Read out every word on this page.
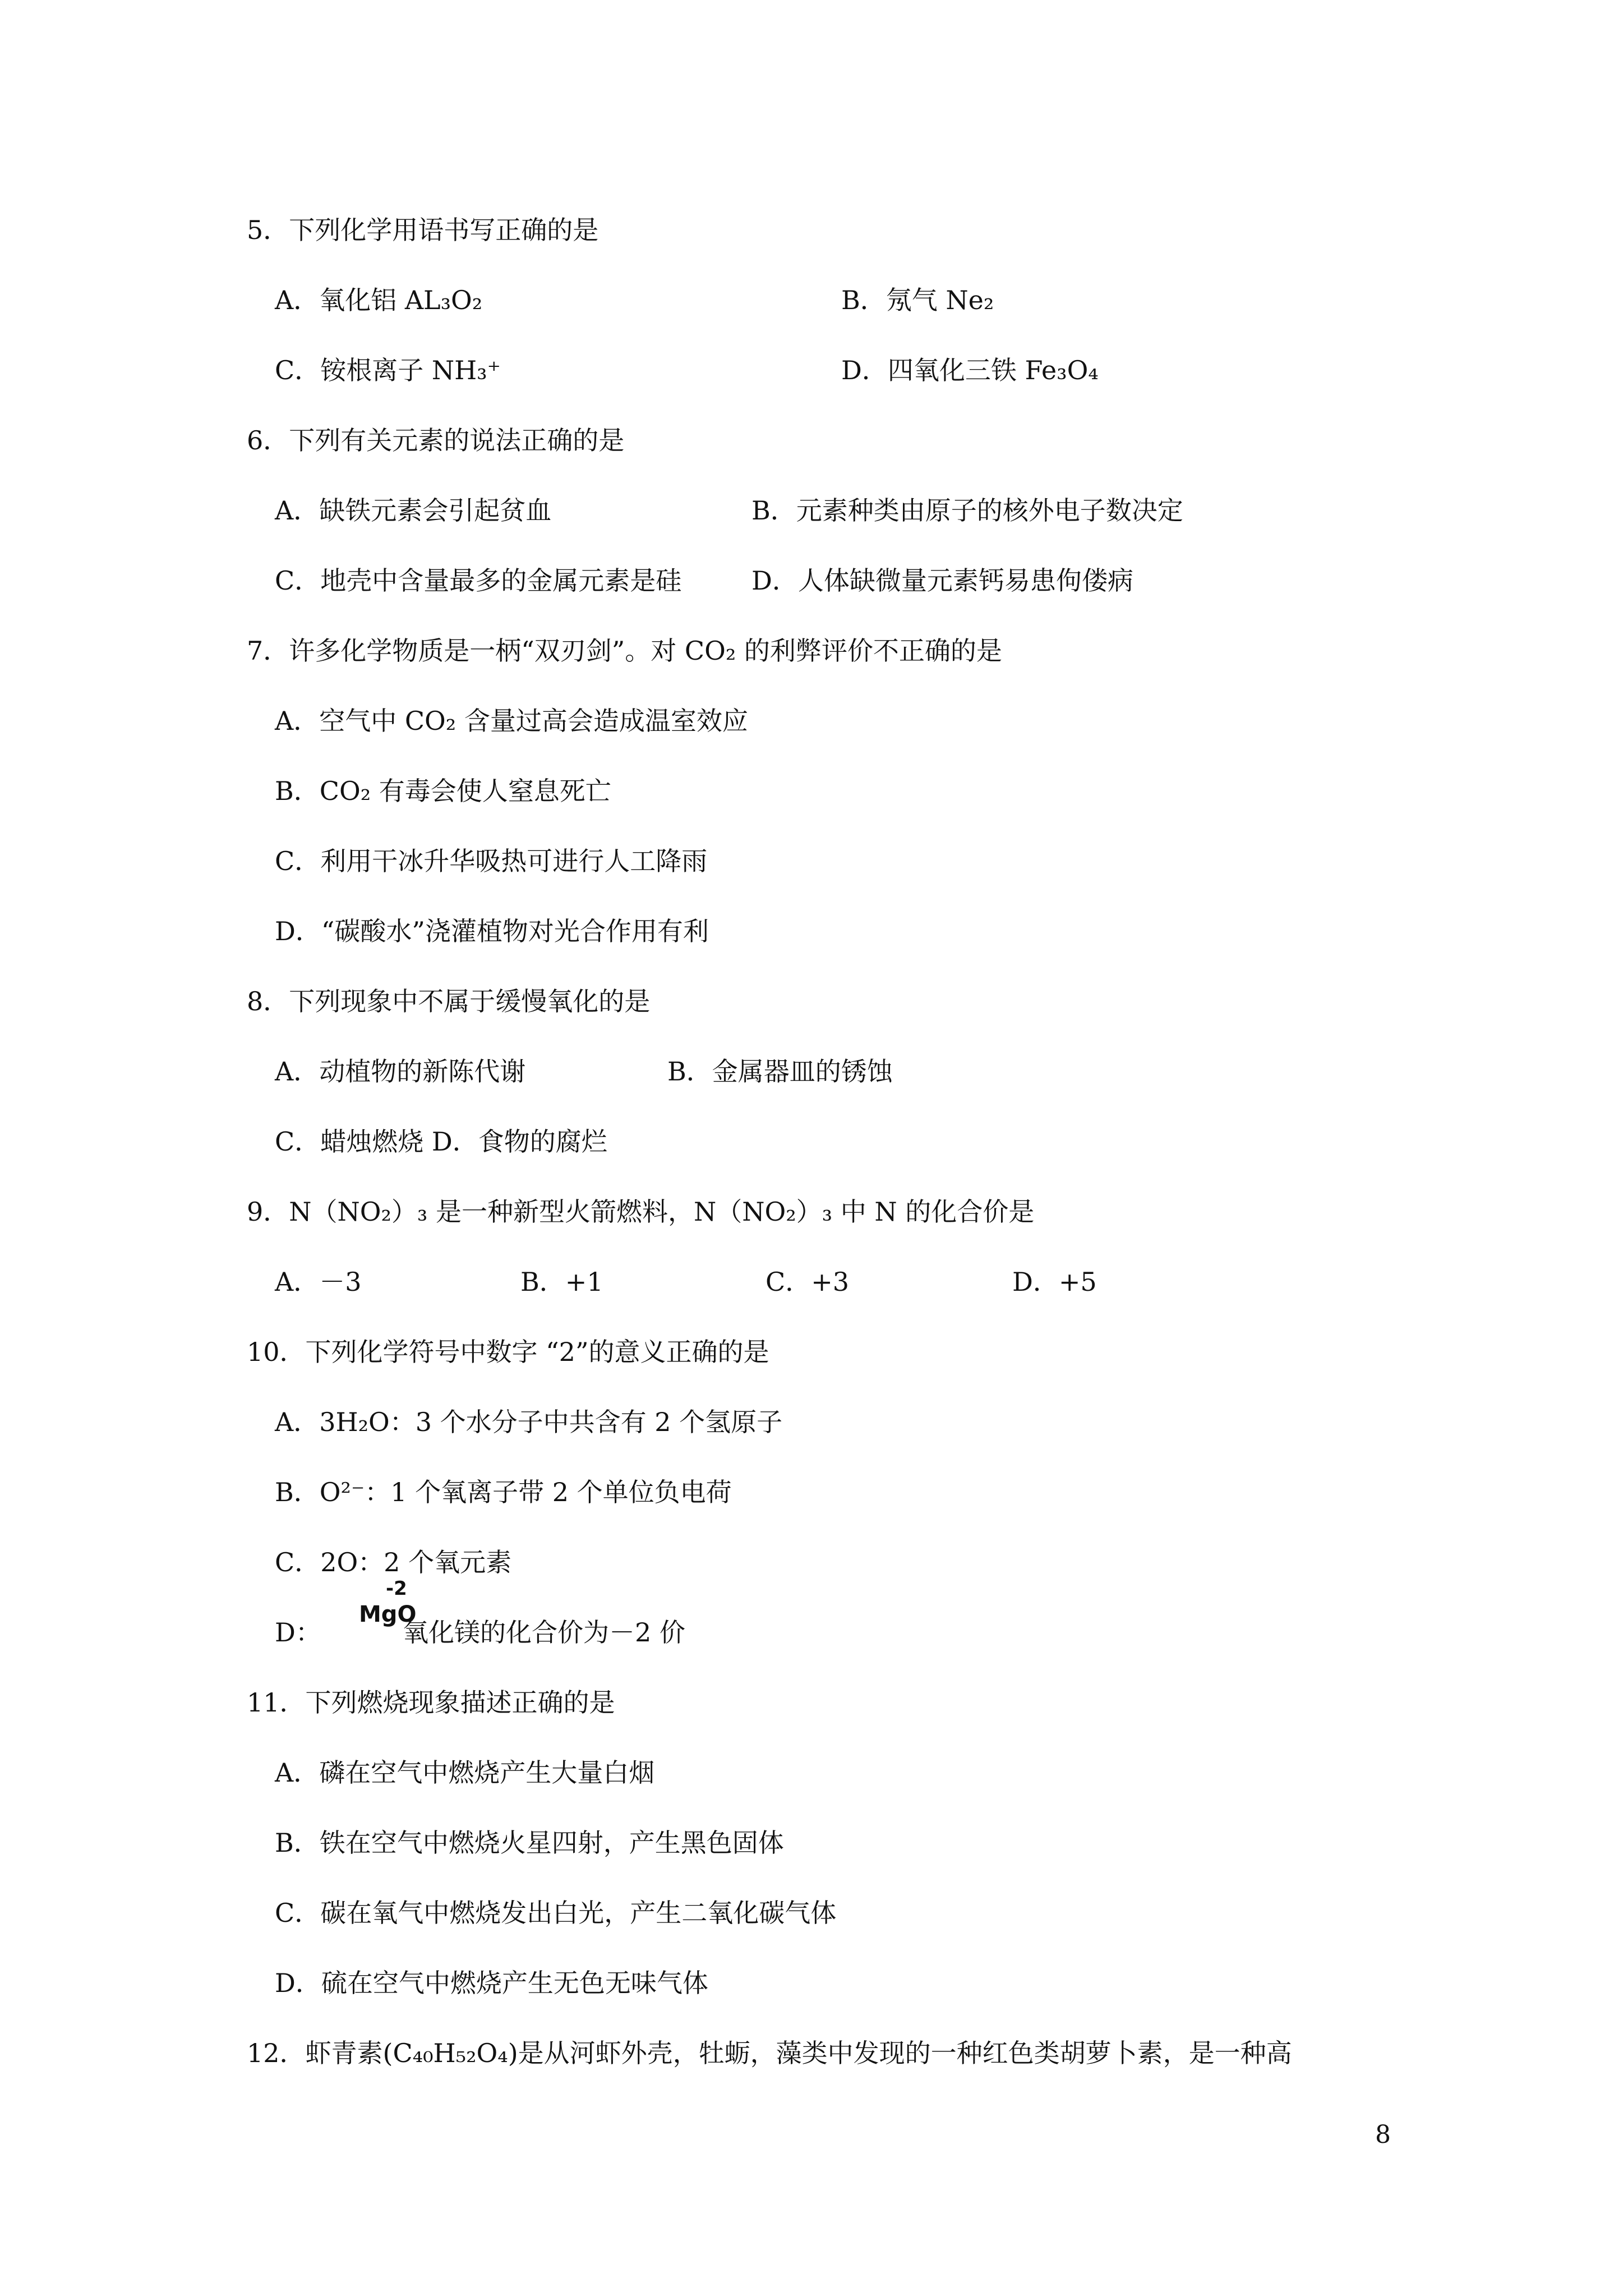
5．下列化学用语书写正确的是
A．氧化铝 AL₃O₂	B．氖气 Ne₂
C．铵根离子 NH₃⁺	D．四氧化三铁 Fe₃O₄
6．下列有关元素的说法正确的是
A．缺铁元素会引起贫血	B．元素种类由原子的核外电子数决定
C．地壳中含量最多的金属元素是硅	D．人体缺微量元素钙易患佝偻病
7．许多化学物质是一柄“双刃剑”。对 CO₂ 的利弊评价不正确的是
A．空气中 CO₂ 含量过高会造成温室效应
B．CO₂ 有毒会使人窒息死亡
C．利用干冰升华吸热可进行人工降雨
D．“碳酸水”浇灌植物对光合作用有利
8．下列现象中不属于缓慢氧化的是
A．动植物的新陈代谢	B．金属器皿的锈蚀
C．蜡烛燃烧 D．食物的腐烂
9．N（NO₂）₃ 是一种新型火箭燃料，N（NO₂）₃ 中 N 的化合价是
A．－3	B．+1	C．+3	D．+5
10．下列化学符号中数字 “2”的意义正确的是
A．3H₂O：3 个水分子中共含有 2 个氢原子
B．O²⁻：1 个氧离子带 2 个单位负电荷
C．2O：2 个氧元素
D：
MgO
-2
氧化镁的化合价为－2 价
11．下列燃烧现象描述正确的是
A．磷在空气中燃烧产生大量白烟
B．铁在空气中燃烧火星四射，产生黑色固体
C．碳在氧气中燃烧发出白光，产生二氧化碳气体
D．硫在空气中燃烧产生无色无味气体
12．虾青素(C₄₀H₅₂O₄)是从河虾外壳，牡蛎，藻类中发现的一种红色类胡萝卜素，是一种高
8
